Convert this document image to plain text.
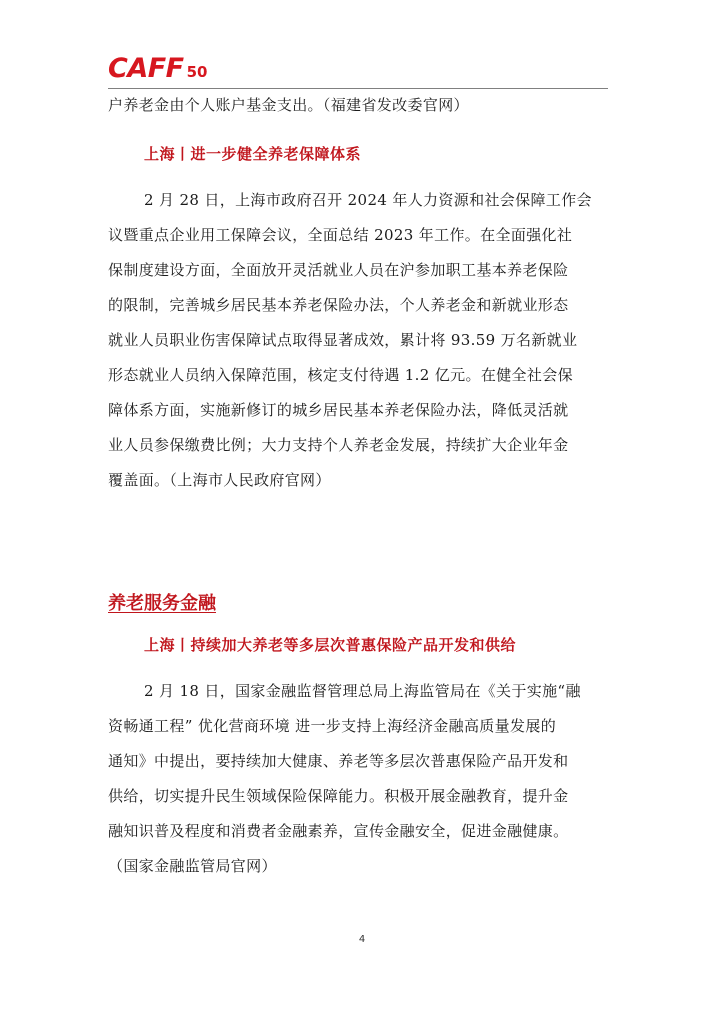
CAFF 50
户养老金由个人账户基金支出。（福建省发改委官网）
上海丨进一步健全养老保障体系
2 月 28 日，上海市政府召开 2024 年人力资源和社会保障工作会
议暨重点企业用工保障会议，全面总结 2023 年工作。在全面强化社
保制度建设方面，全面放开灵活就业人员在沪参加职工基本养老保险
的限制，完善城乡居民基本养老保险办法，个人养老金和新就业形态
就业人员职业伤害保障试点取得显著成效，累计将 93.59 万名新就业
形态就业人员纳入保障范围，核定支付待遇 1.2 亿元。在健全社会保
障体系方面，实施新修订的城乡居民基本养老保险办法，降低灵活就
业人员参保缴费比例；大力支持个人养老金发展，持续扩大企业年金
覆盖面。（上海市人民政府官网）
养老服务金融
上海丨持续加大养老等多层次普惠保险产品开发和供给
2 月 18 日，国家金融监督管理总局上海监管局在《关于实施“融
资畅通工程” 优化营商环境 进一步支持上海经济金融高质量发展的
通知》中提出，要持续加大健康、养老等多层次普惠保险产品开发和
供给，切实提升民生领域保险保障能力。积极开展金融教育，提升金
融知识普及程度和消费者金融素养，宣传金融安全，促进金融健康。
（国家金融监管局官网）
4
